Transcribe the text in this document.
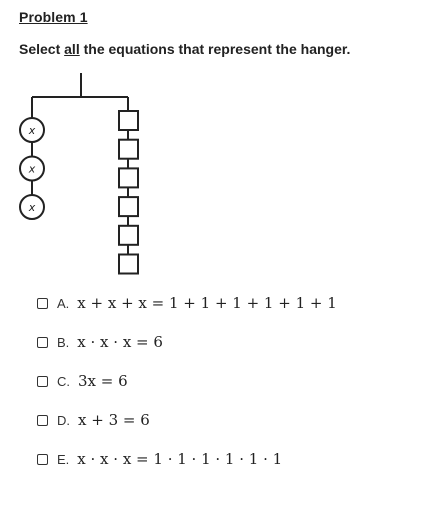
Problem 1
Select all the equations that represent the hanger.
x
x
x
A. x + x + x = 1 + 1 + 1 + 1 + 1 + 1
B. x · x · x = 6
C. 3x = 6
D. x + 3 = 6
E. x · x · x = 1 · 1 · 1 · 1 · 1 · 1
